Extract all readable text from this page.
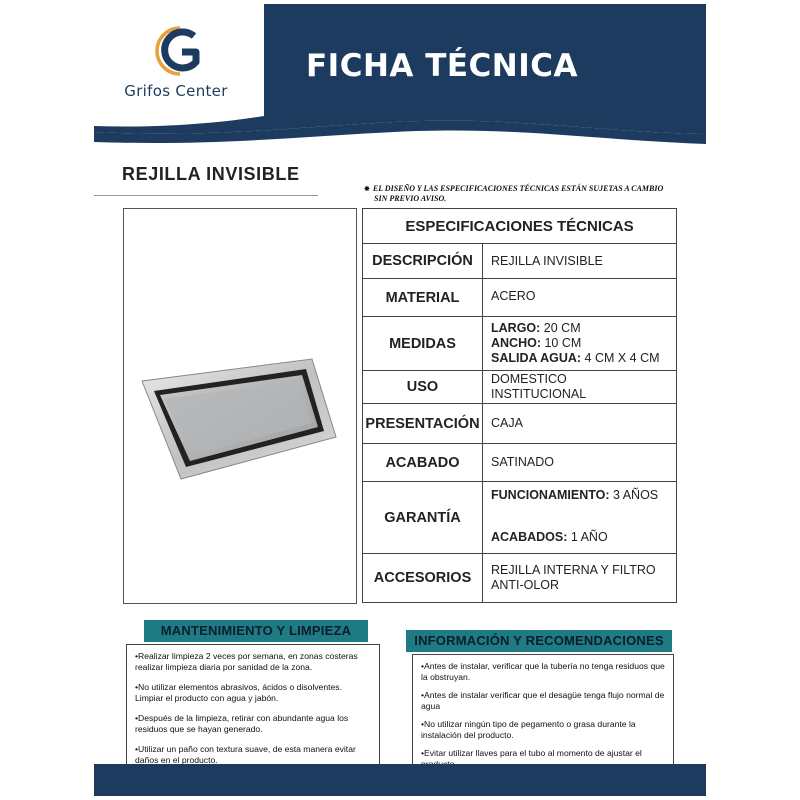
Grifos Center
FICHA TÉCNICA
REJILLA INVISIBLE
✸ EL DISEÑO Y LAS ESPECIFICACIONES TÉCNICAS ESTÁN SUJETAS A CAMBIO
SIN PREVIO AVISO.
ESPECIFICACIONES TÉCNICAS	
DESCRIPCIÓN	REJILLA INVISIBLE
MATERIAL	ACERO
MEDIDAS	LARGO: 20 CM
ANCHO: 10 CM
SALIDA AGUA: 4 CM X 4 CM

USO	DOMESTICO
INSTITUCIONAL

PRESENTACIÓN	CAJA
ACABADO	SATINADO
GARANTÍA	FUNCIONAMIENTO: 3 AÑOS
ACABADOS: 1 AÑO

ACCESORIOS	REJILLA INTERNA Y FILTRO
ANTI-OLOR
MANTENIMIENTO Y LIMPIEZA
•Realizar limpieza 2 veces por semana, en zonas costeras realizar limpieza diaria por sanidad de la zona.
•No utilizar elementos abrasivos, ácidos o disolventes. Limpiar el producto con agua y jabón.
•Después de la limpieza, retirar con abundante agua los residuos que se hayan generado.
•Utilizar un paño con textura suave, de esta manera evitar daños en el producto.
INFORMACIÓN Y RECOMENDACIONES
•Antes de instalar, verificar que la tubería no tenga residuos que la obstruyan.
•Antes de instalar verificar que el desagüe tenga flujo normal de agua
•No utilizar ningún tipo de pegamento o grasa durante la instalación del producto.
•Evitar utilizar llaves para el tubo al momento de ajustar el
